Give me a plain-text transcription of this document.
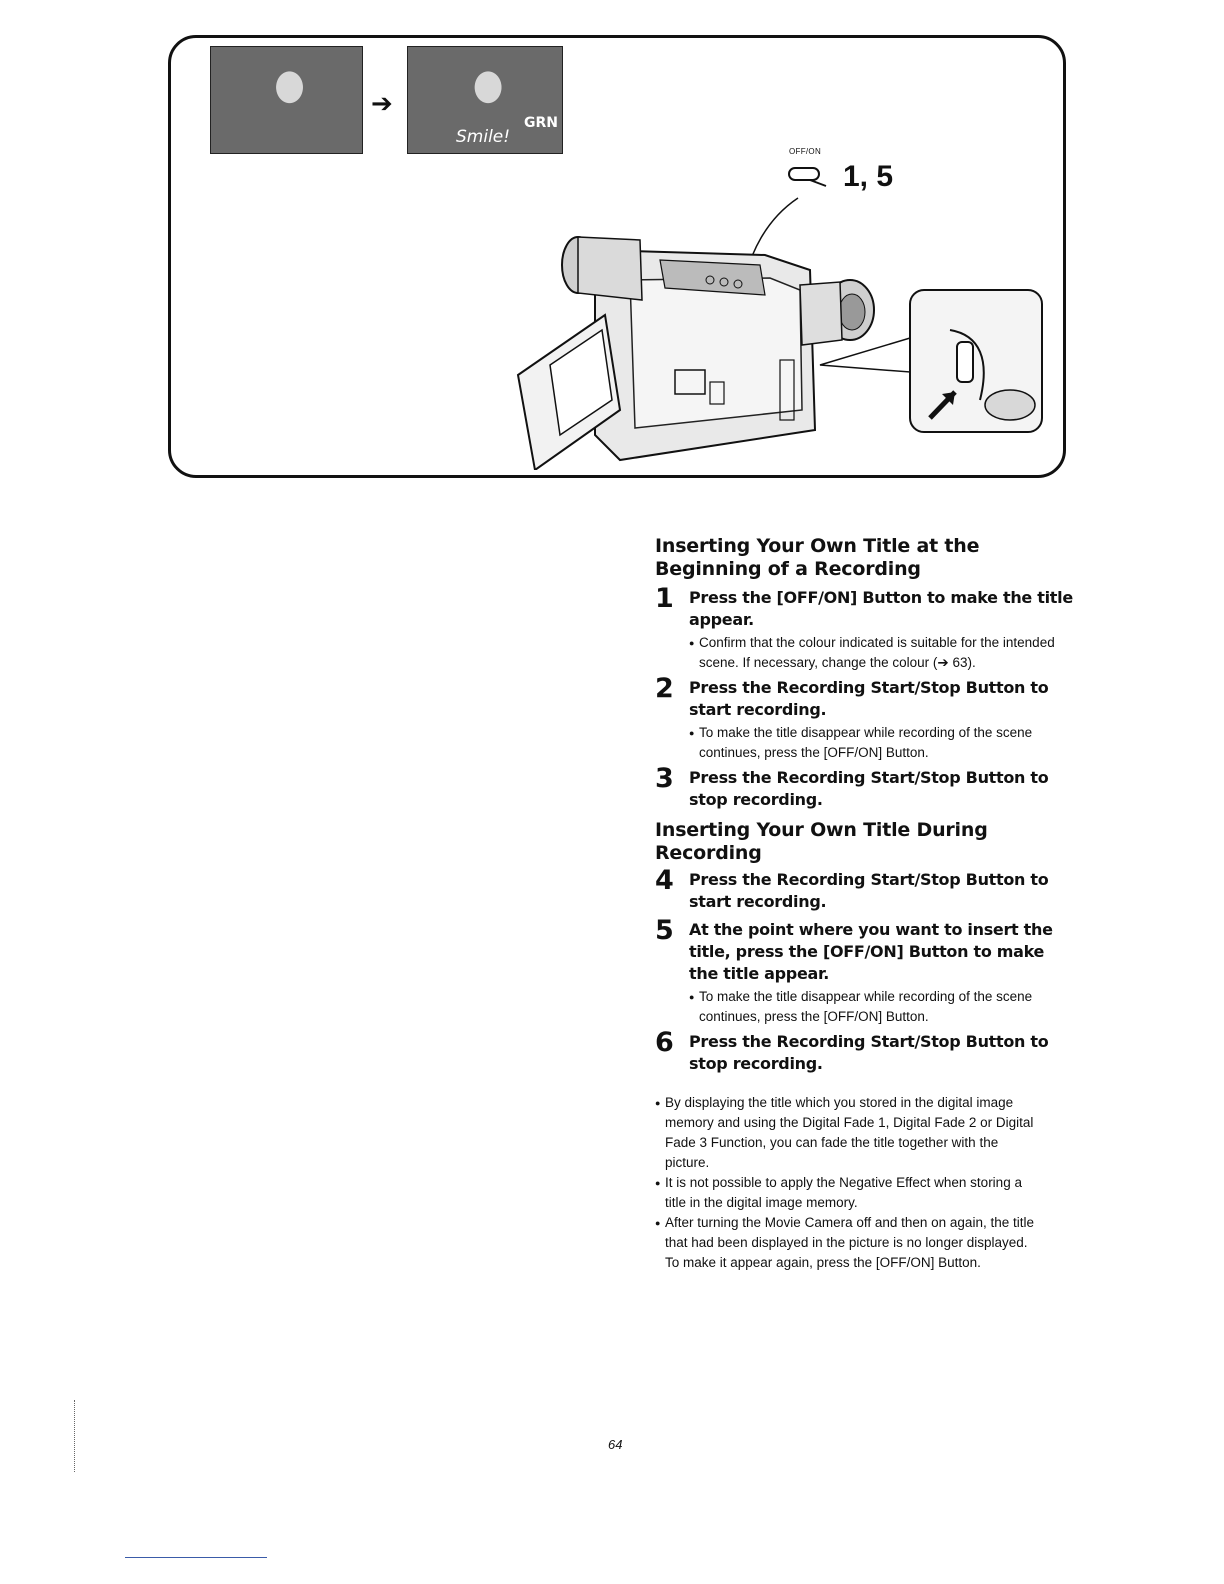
➔
Smile!
GRN
OFF/ON
1, 5
Inserting Your Own Title at the Beginning of a Recording
1 Press the [OFF/ON] Button to make the title appear.
● Confirm that the colour indicated is suitable for the intended scene. If necessary, change the colour (➔ 63).
2 Press the Recording Start/Stop Button to start recording.
● To make the title disappear while recording of the scene continues, press the [OFF/ON] Button.
3 Press the Recording Start/Stop Button to stop recording.
Inserting Your Own Title During Recording
4 Press the Recording Start/Stop Button to start recording.
5 At the point where you want to insert the title, press the [OFF/ON] Button to make the title appear.
● To make the title disappear while recording of the scene continues, press the [OFF/ON] Button.
6 Press the Recording Start/Stop Button to stop recording.
● By displaying the title which you stored in the digital image memory and using the Digital Fade 1, Digital Fade 2 or Digital Fade 3 Function, you can fade the title together with the picture.
● It is not possible to apply the Negative Effect when storing a title in the digital image memory.
● After turning the Movie Camera off and then on again, the title that had been displayed in the picture is no longer displayed. To make it appear again, press the [OFF/ON] Button.
64
